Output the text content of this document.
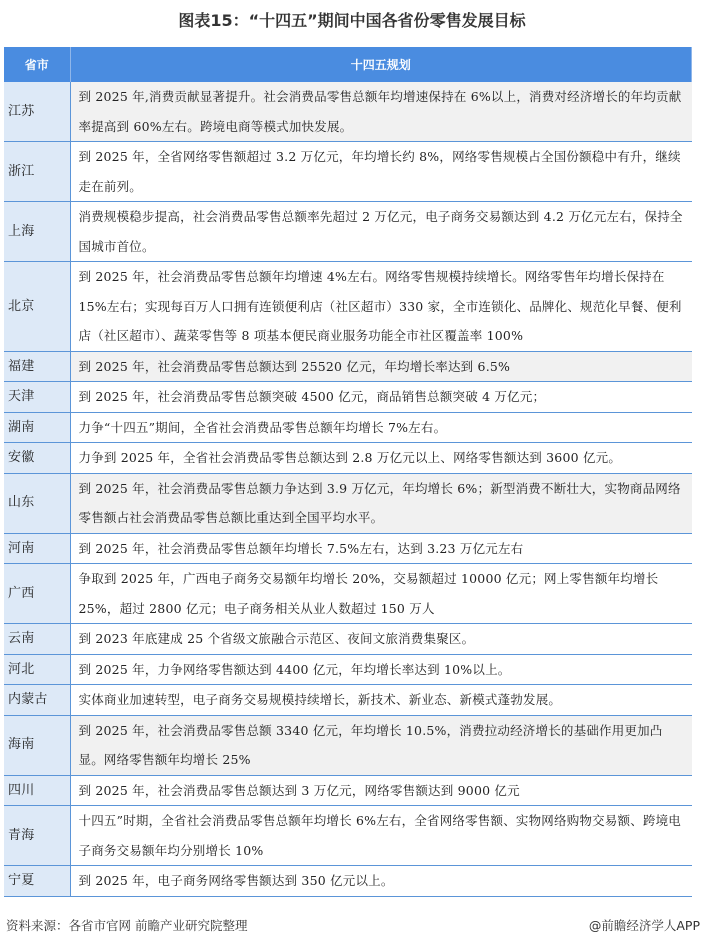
图表15：“十四五”期间中国各省份零售发展目标
省市	十四五规划
江苏	到 2025 年,消费贡献显著提升。社会消费品零售总额年均增速保持在 6%以上，消费对经济增长的年均贡献率提高到 60%左右。跨境电商等模式加快发展。
浙江	到 2025 年，全省网络零售额超过 3.2 万亿元，年均增长约 8%，网络零售规模占全国份额稳中有升，继续走在前列。
上海	消费规模稳步提高，社会消费品零售总额率先超过 2 万亿元，电子商务交易额达到 4.2 万亿元左右，保持全国城市首位。
北京	到 2025 年，社会消费品零售总额年均增速 4%左右。网络零售规模持续增长。网络零售年均增长保持在 15%左右；实现每百万人口拥有连锁便利店（社区超市）330 家，全市连锁化、品牌化、规范化早餐、便利店（社区超市）、蔬菜零售等 8 项基本便民商业服务功能全市社区覆盖率 100%
福建	到 2025 年，社会消费品零售总额达到 25520 亿元，年均增长率达到 6.5%
天津	到 2025 年，社会消费品零售总额突破 4500 亿元，商品销售总额突破 4 万亿元；
湖南	力争“十四五”期间，全省社会消费品零售总额年均增长 7%左右。
安徽	力争到 2025 年，全省社会消费品零售总额达到 2.8 万亿元以上、网络零售额达到 3600 亿元。
山东	到 2025 年，社会消费品零售总额力争达到 3.9 万亿元，年均增长 6%；新型消费不断壮大，实物商品网络零售额占社会消费品零售总额比重达到全国平均水平。
河南	到 2025 年，社会消费品零售总额年均增长 7.5%左右，达到 3.23 万亿元左右
广西	争取到 2025 年，广西电子商务交易额年均增长 20%，交易额超过 10000 亿元；网上零售额年均增长 25%，超过 2800 亿元；电子商务相关从业人数超过 150 万人
云南	到 2023 年底建成 25 个省级文旅融合示范区、夜间文旅消费集聚区。
河北	到 2025 年，力争网络零售额达到 4400 亿元，年均增长率达到 10%以上。
内蒙古	实体商业加速转型，电子商务交易规模持续增长，新技术、新业态、新模式蓬勃发展。
海南	到 2025 年，社会消费品零售总额 3340 亿元，年均增长 10.5%，消费拉动经济增长的基础作用更加凸显。网络零售额年均增长 25%
四川	到 2025 年，社会消费品零售总额达到 3 万亿元，网络零售额达到 9000 亿元
青海	十四五”时期，全省社会消费品零售总额年均增长 6%左右，全省网络零售额、实物网络购物交易额、跨境电子商务交易额年均分别增长 10%
宁夏	到 2025 年，电子商务网络零售额达到 350 亿元以上。
资料来源：各省市官网 前瞻产业研究院整理	@前瞻经济学人APP
